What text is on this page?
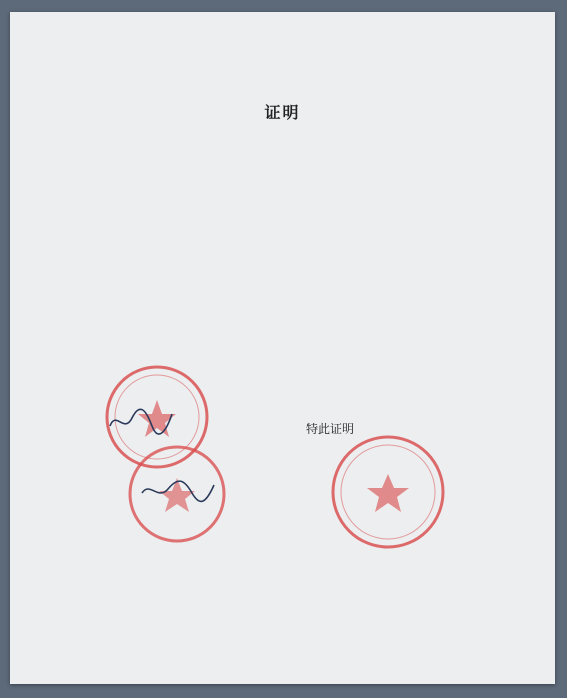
证明
特此证明
